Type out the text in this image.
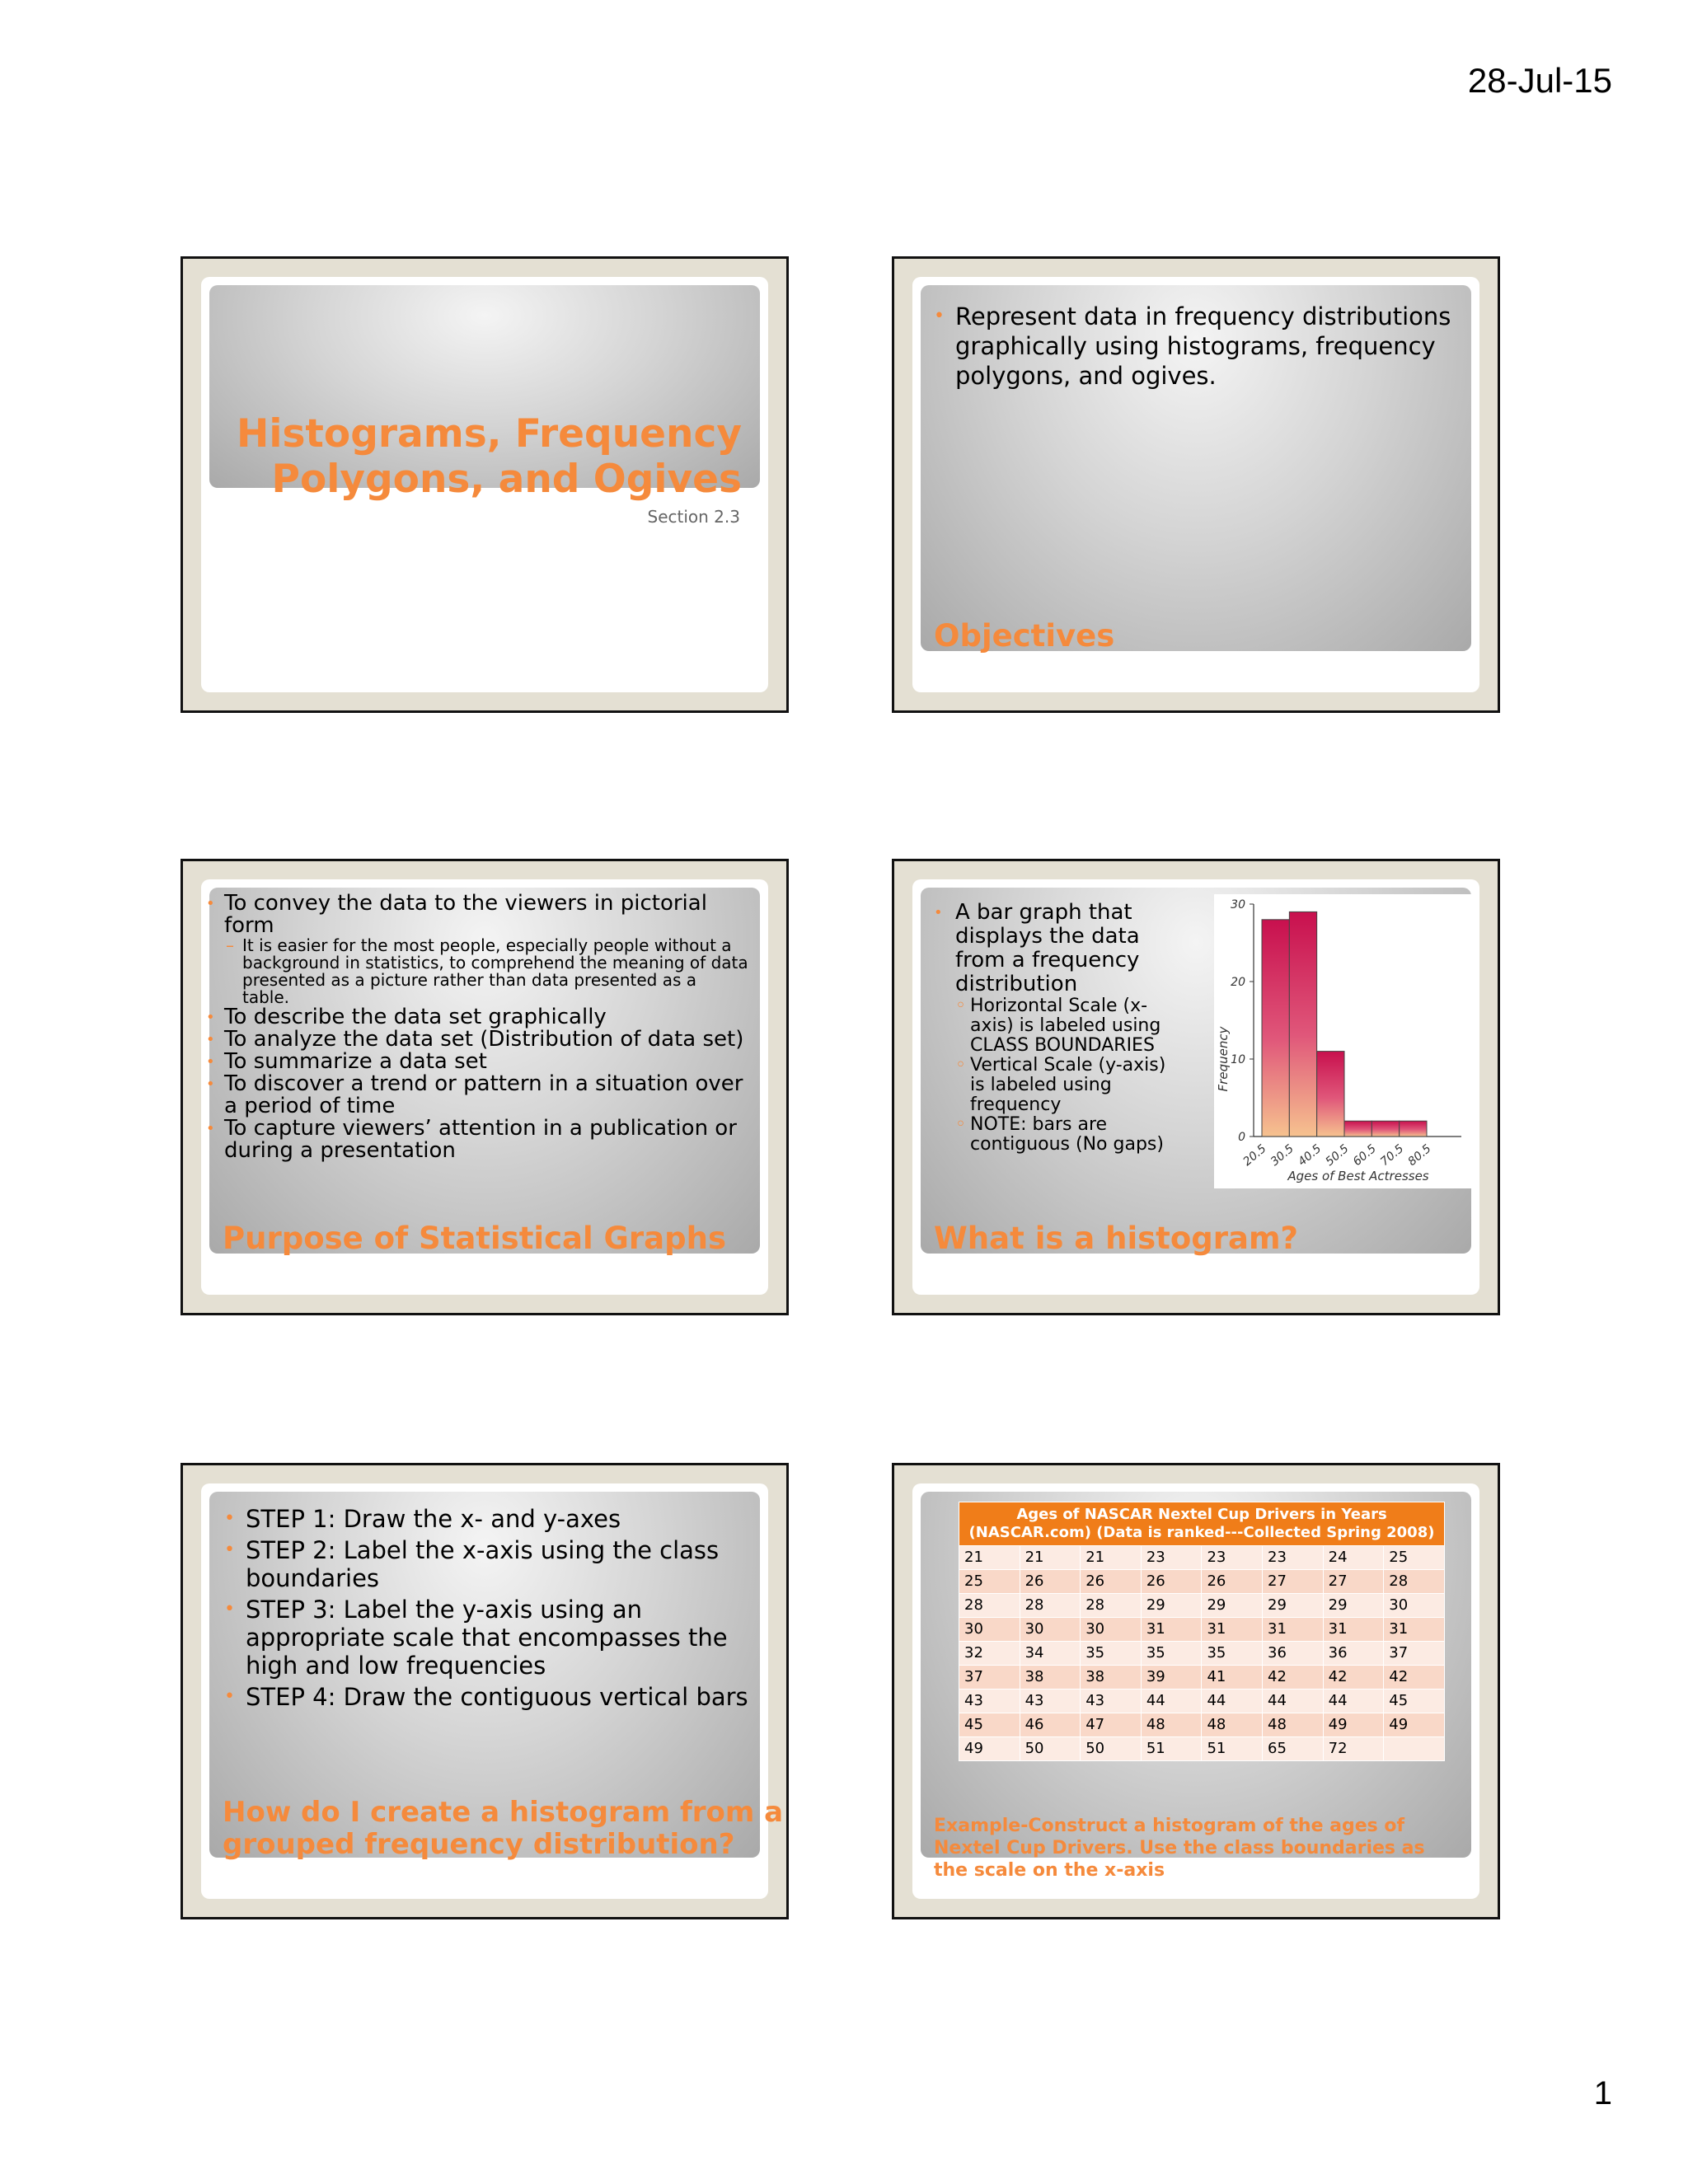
28-Jul-15
Histograms, Frequency
Polygons, and Ogives
Section 2.3
• Represent data in frequency distributions graphically using histograms, frequency polygons, and ogives.
Objectives
• To convey the data to the viewers in pictorial form
– It is easier for the most people, especially people without a background in statistics, to comprehend the meaning of data presented as a picture rather than data presented as a table.
• To describe the data set graphically
• To analyze the data set (Distribution of data set)
• To summarize a data set
• To discover a trend or pattern in a situation over a period of time
• To capture viewers’ attention in a publication or during a presentation
Purpose of Statistical Graphs
• A bar graph that displays the data from a frequency distribution
◦ Horizontal Scale (x-axis) is labeled using CLASS BOUNDARIES
◦ Vertical Scale (y-axis) is labeled using frequency
◦ NOTE: bars are contiguous (No gaps)	0
10
20
30
20.5 30.5 40.5 50.5 60.5 70.5 80.5
Frequency
Ages of Best Actresses
What is a histogram?
• STEP 1: Draw the x- and y-axes
• STEP 2: Label the x-axis using the class boundaries
• STEP 3: Label the y-axis using an appropriate scale that encompasses the high and low frequencies
• STEP 4: Draw the contiguous vertical bars
How do I create a histogram from a grouped frequency distribution?
Ages of NASCAR Nextel Cup Drivers in Years (NASCAR.com) (Data is ranked---Collected Spring 2008)							
21	21	21	23	23	23	24	25
25	26	26	26	26	27	27	28
28	28	28	29	29	29	29	30
30	30	30	31	31	31	31	31
32	34	35	35	35	36	36	37
37	38	38	39	41	42	42	42
43	43	43	44	44	44	44	45
45	46	47	48	48	48	49	49
49	50	50	51	51	65	72	
Example-Construct a histogram of the ages of Nextel Cup Drivers. Use the class boundaries as the scale on the x-axis
1
